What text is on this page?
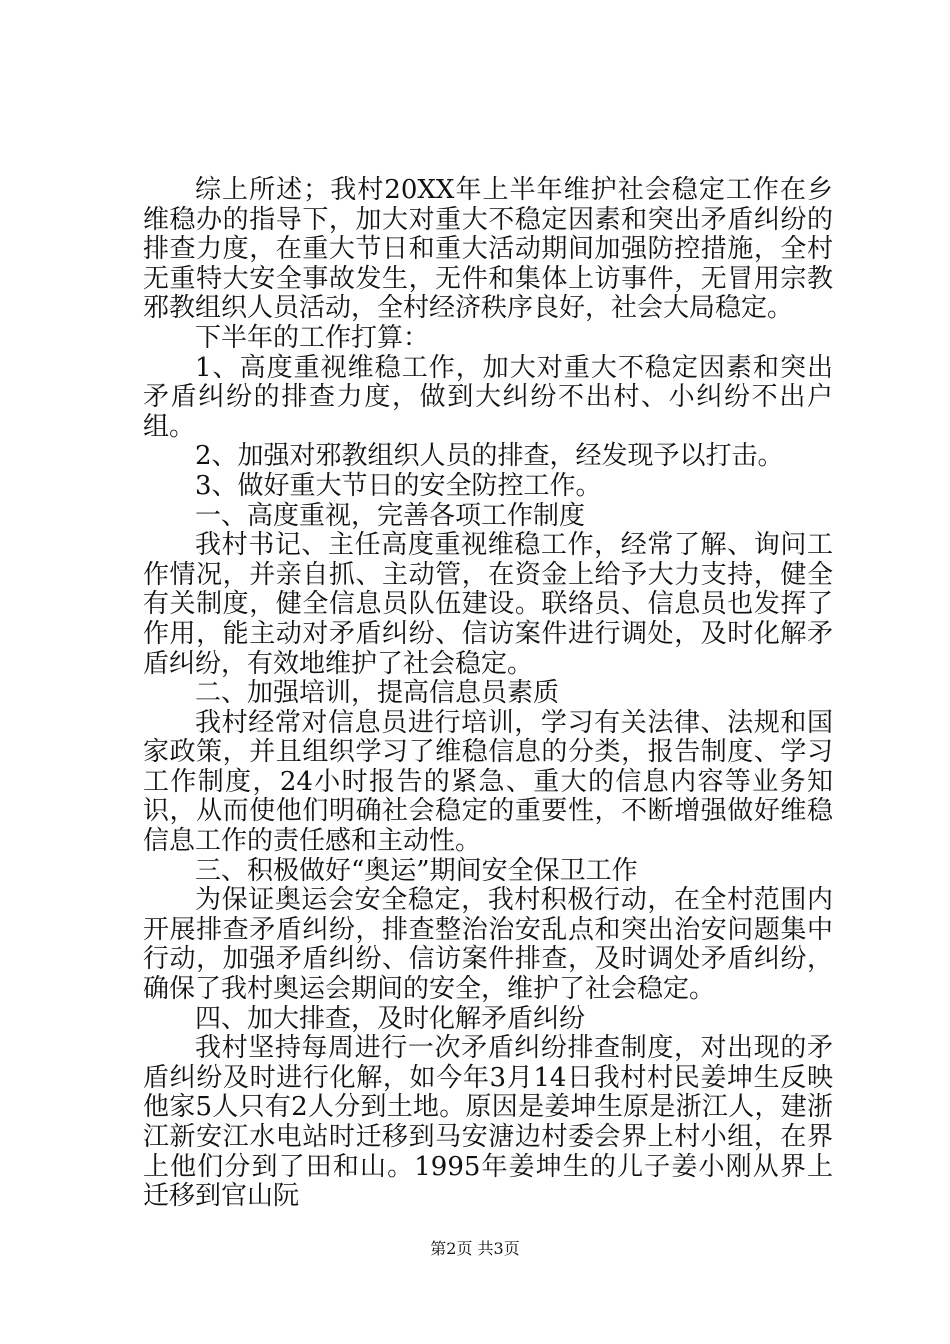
综上所述；我村20XX年上半年维护社会稳定工作在乡维稳办的指导下，加大对重大不稳定因素和突出矛盾纠纷的排查力度，在重大节日和重大活动期间加强防控措施，全村无重特大安全事故发生，无件和集体上访事件，无冒用宗教邪教组织人员活动，全村经济秩序良好，社会大局稳定。

下半年的工作打算：

1、高度重视维稳工作，加大对重大不稳定因素和突出矛盾纠纷的排查力度，做到大纠纷不出村、小纠纷不出户组。

2、加强对邪教组织人员的排查，经发现予以打击。

3、做好重大节日的安全防控工作。

一、高度重视，完善各项工作制度

我村书记、主任高度重视维稳工作，经常了解、询问工作情况，并亲自抓、主动管，在资金上给予大力支持，健全有关制度，健全信息员队伍建设。联络员、信息员也发挥了作用，能主动对矛盾纠纷、信访案件进行调处，及时化解矛盾纠纷，有效地维护了社会稳定。

二、加强培训，提高信息员素质

我村经常对信息员进行培训，学习有关法律、法规和国家政策，并且组织学习了维稳信息的分类，报告制度、学习工作制度，24小时报告的紧急、重大的信息内容等业务知识，从而使他们明确社会稳定的重要性，不断增强做好维稳信息工作的责任感和主动性。

三、积极做好“奥运”期间安全保卫工作

为保证奥运会安全稳定，我村积极行动，在全村范围内开展排查矛盾纠纷，排查整治治安乱点和突出治安问题集中行动，加强矛盾纠纷、信访案件排查，及时调处矛盾纠纷，确保了我村奥运会期间的安全，维护了社会稳定。

四、加大排查，及时化解矛盾纠纷

我村坚持每周进行一次矛盾纠纷排查制度，对出现的矛盾纠纷及时进行化解，如今年3月14日我村村民姜坤生反映他家5人只有2人分到土地。原因是姜坤生原是浙江人，建浙江新安江水电站时迁移到马安溏边村委会界上村小组，在界上他们分到了田和山。1995年姜坤生的儿子姜小刚从界上迁移到官山阮

第2页 共3页
